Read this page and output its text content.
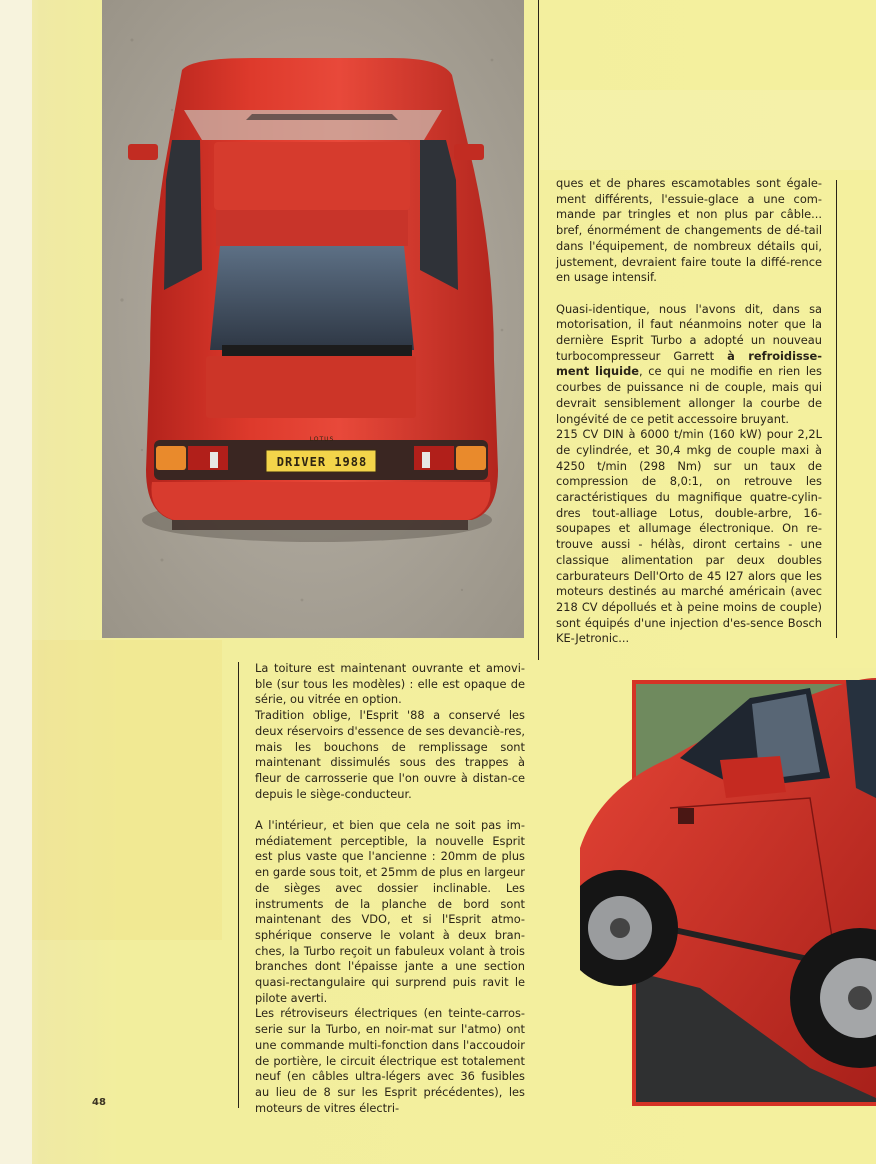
DRIVER 1988
LOTUS

ques et de phares escamotables sont égale-ment différents, l'essuie-glace a une com-mande par tringles et non plus par câble... bref, énormément de changements de dé-tail dans l'équipement, de nombreux détails qui, justement, devraient faire toute la diffé-rence en usage intensif.

Quasi-identique, nous l'avons dit, dans sa motorisation, il faut néanmoins noter que la dernière Esprit Turbo a adopté un nouveau turbocompresseur Garrett à refroidisse-ment liquide, ce qui ne modifie en rien les courbes de puissance ni de couple, mais qui devrait sensiblement allonger la courbe de longévité de ce petit accessoire bruyant.

215 CV DIN à 6000 t/min (160 kW) pour 2,2L de cylindrée, et 30,4 mkg de couple maxi à 4250 t/min (298 Nm) sur un taux de compression de 8,0:1, on retrouve les caractéristiques du magnifique quatre-cylin-dres tout-alliage Lotus, double-arbre, 16-soupapes et allumage électronique. On re-trouve aussi - hélàs, diront certains - une classique alimentation par deux doubles carburateurs Dell'Orto de 45 I27 alors que les moteurs destinés au marché américain (avec 218 CV dépollués et à peine moins de couple) sont équipés d'une injection d'es-sence Bosch KE-Jetronic...

La toiture est maintenant ouvrante et amovi-ble (sur tous les modèles) : elle est opaque de série, ou vitrée en option.

Tradition oblige, l'Esprit '88 a conservé les deux réservoirs d'essence de ses devanciè-res, mais les bouchons de remplissage sont maintenant dissimulés sous des trappes à fleur de carrosserie que l'on ouvre à distan-ce depuis le siège-conducteur.

A l'intérieur, et bien que cela ne soit pas im-médiatement perceptible, la nouvelle Esprit est plus vaste que l'ancienne : 20mm de plus en garde sous toit, et 25mm de plus en largeur de sièges avec dossier inclinable. Les instruments de la planche de bord sont maintenant des VDO, et si l'Esprit atmo-sphérique conserve le volant à deux bran-ches, la Turbo reçoit un fabuleux volant à trois branches dont l'épaisse jante a une section quasi-rectangulaire qui surprend puis ravit le pilote averti.

Les rétroviseurs électriques (en teinte-carros-serie sur la Turbo, en noir-mat sur l'atmo) ont une commande multi-fonction dans l'accoudoir de portière, le circuit électrique est totalement neuf (en câbles ultra-légers avec 36 fusibles au lieu de 8 sur les Esprit précédentes), les moteurs de vitres électri-

48
